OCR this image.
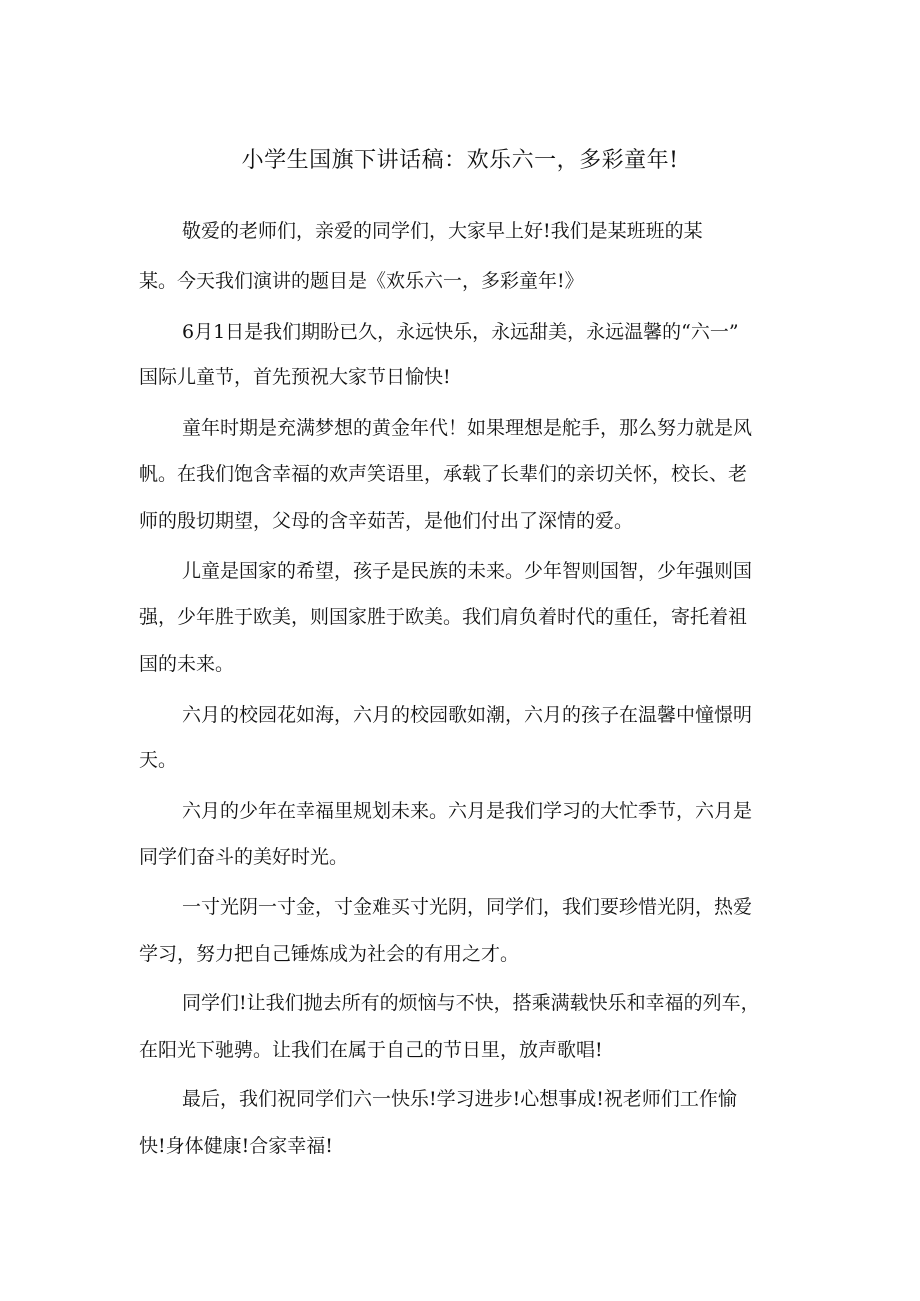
小学生国旗下讲话稿：欢乐六一，多彩童年!
敬爱的老师们，亲爱的同学们，大家早上好!我们是某班班的某
某。今天我们演讲的题目是《欢乐六一，多彩童年!》
6月1日是我们期盼已久，永远快乐，永远甜美，永远温馨的“六一”
国际儿童节，首先预祝大家节日愉快!
童年时期是充满梦想的黄金年代！如果理想是舵手，那么努力就是风
帆。在我们饱含幸福的欢声笑语里，承载了长辈们的亲切关怀，校长、老
师的殷切期望，父母的含辛茹苦，是他们付出了深情的爱。
儿童是国家的希望，孩子是民族的未来。少年智则国智，少年强则国
强，少年胜于欧美，则国家胜于欧美。我们肩负着时代的重任，寄托着祖
国的未来。
六月的校园花如海，六月的校园歌如潮，六月的孩子在温馨中憧憬明
天。
六月的少年在幸福里规划未来。六月是我们学习的大忙季节，六月是
同学们奋斗的美好时光。
一寸光阴一寸金，寸金难买寸光阴，同学们，我们要珍惜光阴，热爱
学习，努力把自己锤炼成为社会的有用之才。
同学们!让我们抛去所有的烦恼与不快，搭乘满载快乐和幸福的列车，
在阳光下驰骋。让我们在属于自己的节日里，放声歌唱!
最后，我们祝同学们六一快乐!学习进步!心想事成!祝老师们工作愉
快!身体健康!合家幸福!
